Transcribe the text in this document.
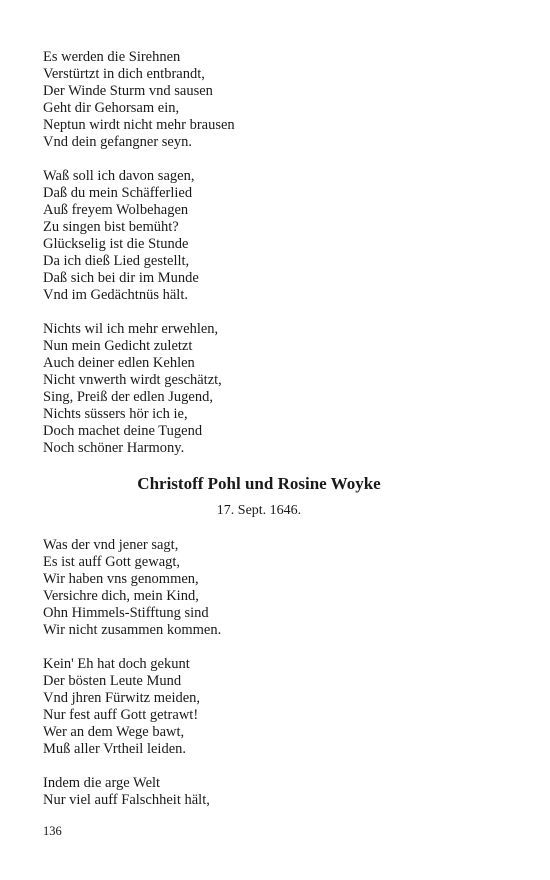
Es werden die Sirehnen
Verstürtzt in dich entbrandt,
Der Winde Sturm vnd sausen
Geht dir Gehorsam ein,
Neptun wirdt nicht mehr brausen
Vnd dein gefangner seyn.
Waß soll ich davon sagen,
Daß du mein Schäfferlied
Auß freyem Wolbehagen
Zu singen bist bemüht?
Glückselig ist die Stunde
Da ich dieß Lied gestellt,
Daß sich bei dir im Munde
Vnd im Gedächtnüs hält.
Nichts wil ich mehr erwehlen,
Nun mein Gedicht zuletzt
Auch deiner edlen Kehlen
Nicht vnwerth wirdt geschätzt,
Sing, Preiß der edlen Jugend,
Nichts süssers hör ich ie,
Doch machet deine Tugend
Noch schöner Harmony.
Christoff Pohl und Rosine Woyke
17. Sept. 1646.
Was der vnd jener sagt,
Es ist auff Gott gewagt,
Wir haben vns genommen,
Versichre dich, mein Kind,
Ohn Himmels-Stifftung sind
Wir nicht zusammen kommen.
Kein' Eh hat doch gekunt
Der bösten Leute Mund
Vnd jhren Fürwitz meiden,
Nur fest auff Gott getrawt!
Wer an dem Wege bawt,
Muß aller Vrtheil leiden.
Indem die arge Welt
Nur viel auff Falschheit hält,
136
